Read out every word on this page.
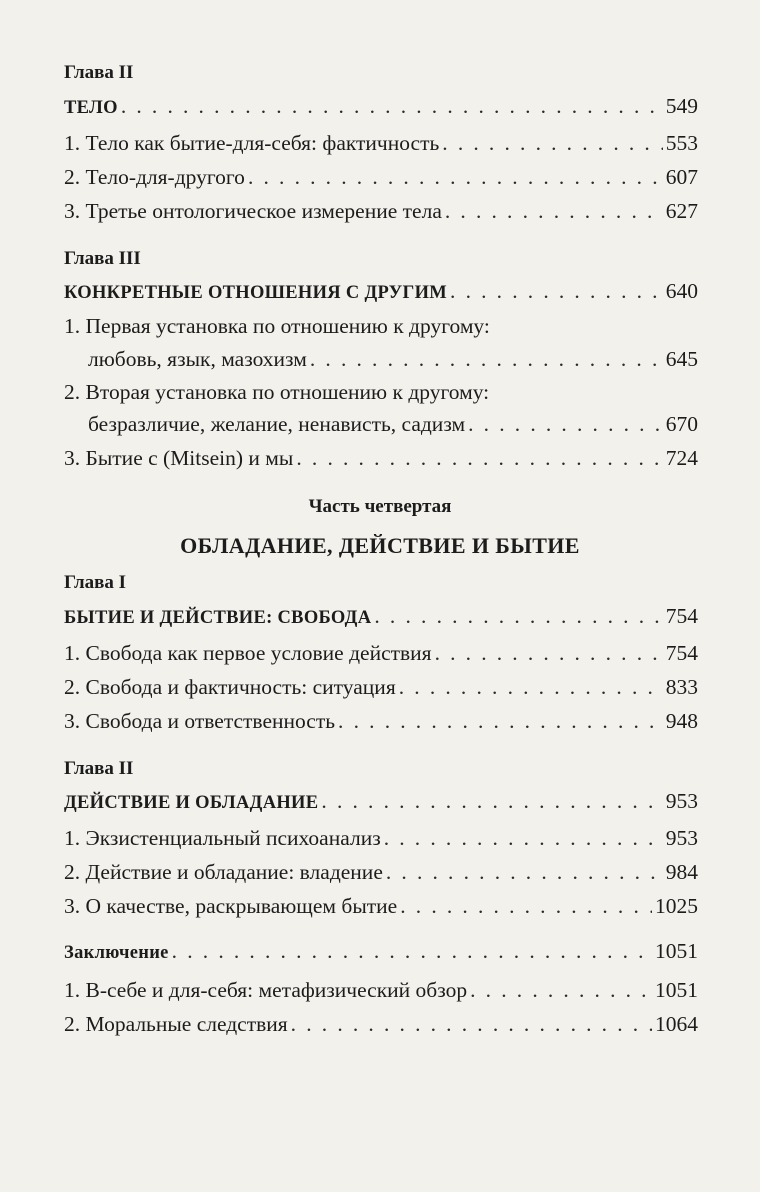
Глава II
ТЕЛО . . .	549
1. Тело как бытие-для-себя: фактичность . . .	553
2. Тело-для-другого . . .	607
3. Третье онтологическое измерение тела . . .	627
Глава III
КОНКРЕТНЫЕ ОТНОШЕНИЯ С ДРУГИМ . . .	640
1. Первая установка по отношению к другому:
любовь, язык, мазохизм . . .	645
2. Вторая установка по отношению к другому:
безразличие, желание, ненависть, садизм . . .	670
3. Бытие с (Mitsein) и мы . . .	724
Часть четвертая
ОБЛАДАНИЕ, ДЕЙСТВИЕ И БЫТИЕ
Глава I
БЫТИЕ И ДЕЙСТВИЕ: СВОБОДА . . .	754
1. Свобода как первое условие действия . . .	754
2. Свобода и фактичность: ситуация . . .	833
3. Свобода и ответственность . . .	948
Глава II
ДЕЙСТВИЕ И ОБЛАДАНИЕ . . .	953
1. Экзистенциальный психоанализ . . .	953
2. Действие и обладание: владение . . .	984
3. О качестве, раскрывающем бытие . . .	1025
Заключение . . .	1051
1. В-себе и для-себя: метафизический обзор . . .	1051
2. Моральные следствия . . .	1064
